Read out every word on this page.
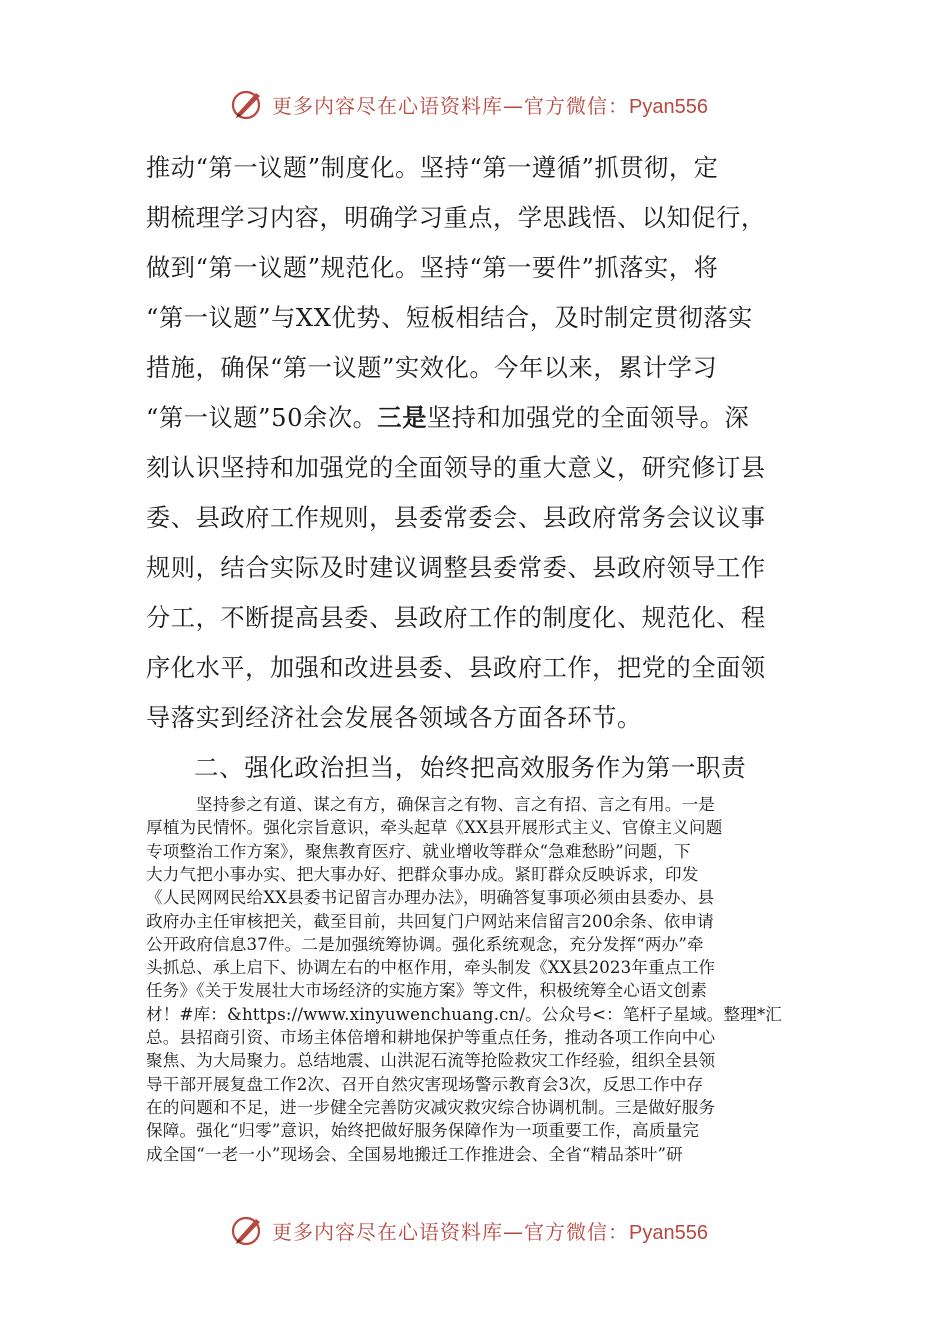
更多内容尽在心语资料库—官方微信：Pyan556
推动“第一议题”制度化。坚持“第一遵循”抓贯彻，定
期梳理学习内容，明确学习重点，学思践悟、以知促行，
做到“第一议题”规范化。坚持“第一要件”抓落实，将
“第一议题”与XX优势、短板相结合，及时制定贯彻落实
措施，确保“第一议题”实效化。今年以来，累计学习
“第一议题”50余次。三是坚持和加强党的全面领导。深
刻认识坚持和加强党的全面领导的重大意义，研究修订县
委、县政府工作规则，县委常委会、县政府常务会议议事
规则，结合实际及时建议调整县委常委、县政府领导工作
分工，不断提高县委、县政府工作的制度化、规范化、程
序化水平，加强和改进县委、县政府工作，把党的全面领
导落实到经济社会发展各领域各方面各环节。
二、强化政治担当，始终把高效服务作为第一职责
坚持参之有道、谋之有方，确保言之有物、言之有招、言之有用。一是
厚植为民情怀。强化宗旨意识，牵头起草《XX县开展形式主义、官僚主义问题
专项整治工作方案》，聚焦教育医疗、就业增收等群众“急难愁盼”问题，下
大力气把小事办实、把大事办好、把群众事办成。紧盯群众反映诉求，印发
《人民网网民给XX县委书记留言办理办法》，明确答复事项必须由县委办、县
政府办主任审核把关，截至目前，共回复门户网站来信留言200余条、依申请
公开政府信息37件。二是加强统筹协调。强化系统观念，充分发挥“两办”牵
头抓总、承上启下、协调左右的中枢作用，牵头制发《XX县2023年重点工作
任务》《关于发展壮大市场经济的实施方案》等文件，积极统筹全心语文创素
材！#库：&https://www.xinyuwenchuang.cn/。公众号<：笔杆子星域。整理*汇
总。县招商引资、市场主体倍增和耕地保护等重点任务，推动各项工作向中心
聚焦、为大局聚力。总结地震、山洪泥石流等抢险救灾工作经验，组织全县领
导干部开展复盘工作2次、召开自然灾害现场警示教育会3次，反思工作中存
在的问题和不足，进一步健全完善防灾减灾救灾综合协调机制。三是做好服务
保障。强化“归零”意识，始终把做好服务保障作为一项重要工作，高质量完
成全国“一老一小”现场会、全国易地搬迁工作推进会、全省“精品茶叶”研
更多内容尽在心语资料库—官方微信：Pyan556
